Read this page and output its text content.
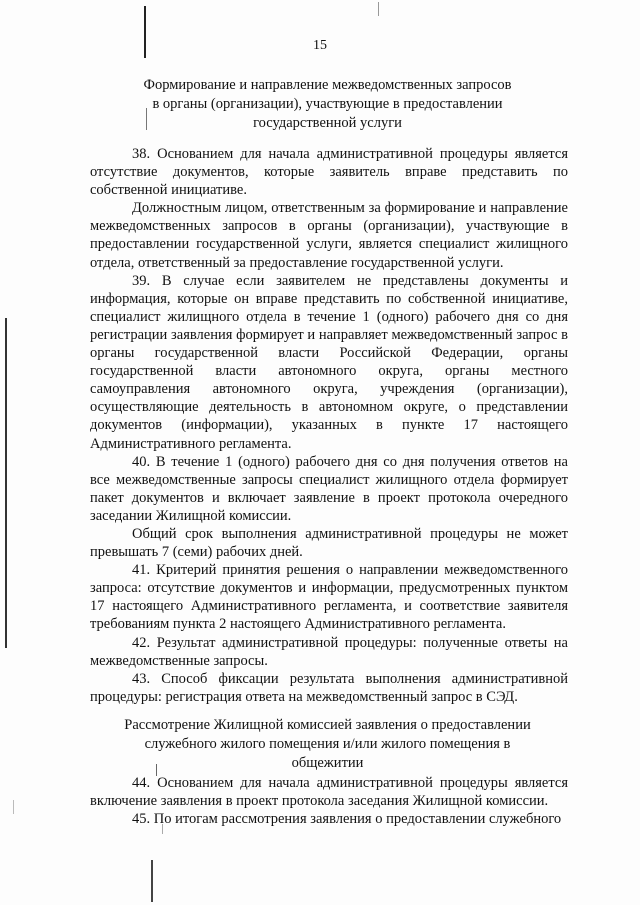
15
Формирование и направление межведомственных запросов
в органы (организации), участвующие в предоставлении
государственной услуги

38. Основанием для начала административной процедуры является отсутствие документов, которые заявитель вправе представить по собственной инициативе.

Должностным лицом, ответственным за формирование и направление межведомственных запросов в органы (организации), участвующие в предоставлении государственной услуги, является специалист жилищного отдела, ответственный за предоставление государственной услуги.

39. В случае если заявителем не представлены документы и информация, которые он вправе представить по собственной инициативе, специалист жилищного отдела в течение 1 (одного) рабочего дня со дня регистрации заявления формирует и направляет межведомственный запрос в органы государственной власти Российской Федерации, органы государственной власти автономного округа, органы местного самоуправления автономного округа, учреждения (организации), осуществляющие деятельность в автономном округе, о представлении документов (информации), указанных в пункте 17 настоящего Административного регламента.

40. В течение 1 (одного) рабочего дня со дня получения ответов на все межведомственные запросы специалист жилищного отдела формирует пакет документов и включает заявление в проект протокола очередного заседании Жилищной комиссии.

Общий срок выполнения административной процедуры не может превышать 7 (семи) рабочих дней.

41. Критерий принятия решения о направлении межведомственного запроса: отсутствие документов и информации, предусмотренных пунктом 17 настоящего Административного регламента, и соответствие заявителя требованиям пункта 2 настоящего Административного регламента.

42. Результат административной процедуры: полученные ответы на межведомственные запросы.

43. Способ фиксации результата выполнения административной процедуры: регистрация ответа на межведомственный запрос в СЭД.

Рассмотрение Жилищной комиссией заявления о предоставлении
служебного жилого помещения и/или жилого помещения в
общежитии

44. Основанием для начала административной процедуры является включение заявления в проект протокола заседания Жилищной комиссии.

45. По итогам рассмотрения заявления о предоставлении служебного
